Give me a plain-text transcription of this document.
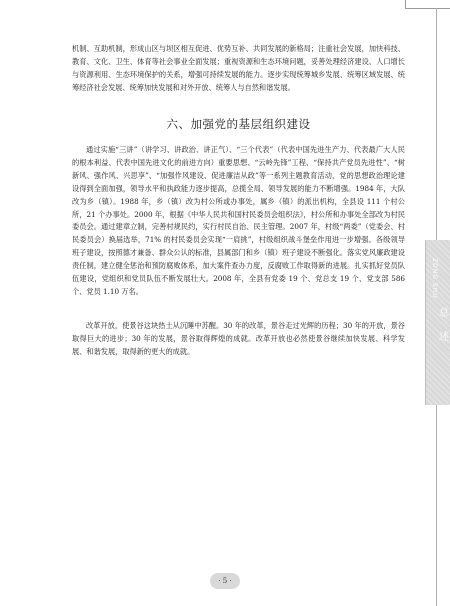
ZONG SHU
总
述

机制、互助机制，形成山区与坝区相互促进、优势互补、共同发展的新格局；注重社会发展，加快科技、教育、文化、卫生、体育等社会事业全面发展；重视资源和生态环境问题，妥善处理经济建设、人口增长与资源利用、生态环境保护的关系，增强可持续发展的能力。逐步实现统筹城乡发展、统筹区域发展、统筹经济社会发展、统筹加快发展和对外开放、统筹人与自然和谐发展。

六、加强党的基层组织建设

通过实施“三讲”（讲学习、讲政治、讲正气）、“三个代表”（代表中国先进生产力、代表最广大人民的根本利益、代表中国先进文化的前进方向）重要思想、“云岭先锋”工程、“保持共产党员先进性”、“树新风、强作风、兴思享”、“加强作风建设、促进廉洁从政”等一系列主题教育活动，党的思想政治理论建设得到全面加强，领导水平和执政能力逐步提高，总揽全局、领导发展的能力不断增强。1984 年，大队改为乡（镇）。1988 年，乡（镇）改为村公所或办事处，属乡（镇）的派出机构，全县设 111 个村公所，21 个办事处。2000 年，根据《中华人民共和国村民委员会组织法》，村公所和办事处全部改为村民委员会。通过建章立制，完善村规民约，实行村民自治、民主管理。2007 年，村级“两委”（党委会、村民委员会）换届选举，71% 的村民委员会实现“一肩挑”，村级组织战斗堡垒作用进一步增强。各级领导班子建设，按照德才兼备、群众公认的标准，县属部门和乡（镇）班子建设不断强化。落实党风廉政建设责任制，建立健全惩治和预防腐败体系，加大案件查办力度，反腐败工作取得新的进展。扎实抓好党员队伍建设，党组织和党员队伍不断发展壮大。2008 年，全县有党委 19 个、党总支 19 个、党支部 586 个、党员 1.10 万名。

改革开放，使景谷这块热土从沉睡中苏醒。30 年的改革，景谷走过光辉的历程；30 年的开放，景谷取得巨大的进步；30 年的发展，景谷取得辉煌的成就。改革开放也必然使景谷继续加快发展、科学发展、和谐发展，取得新的更大的成就。

· 5 ·
